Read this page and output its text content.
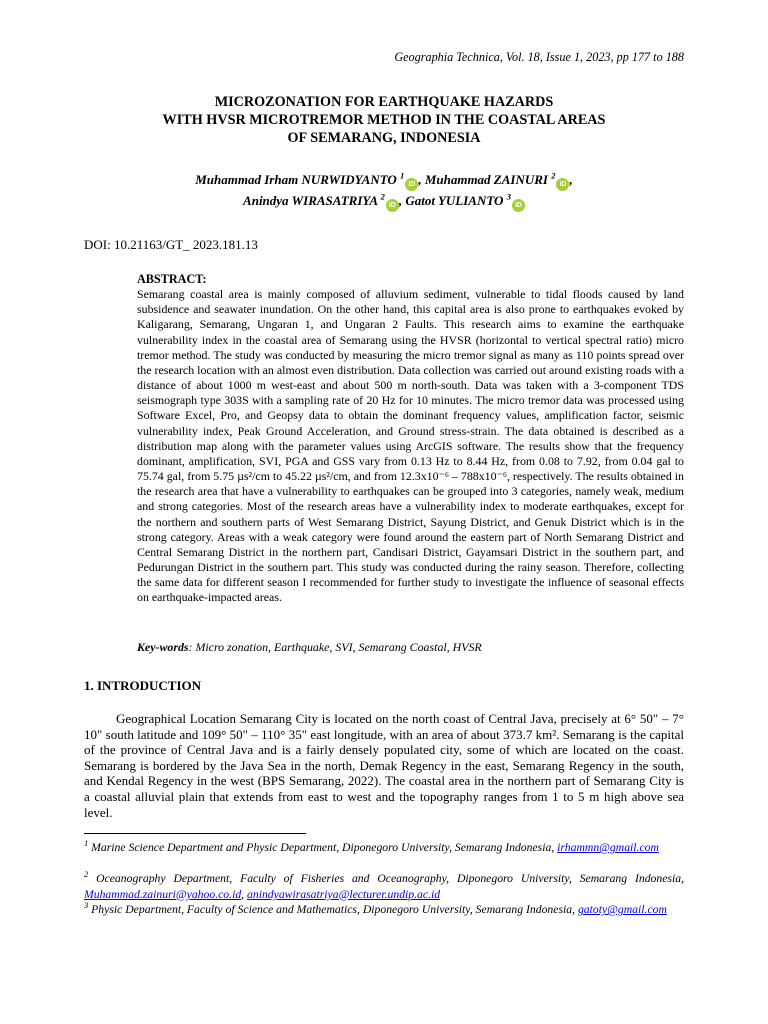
Geographia Technica, Vol. 18, Issue 1, 2023, pp 177 to 188
MICROZONATION FOR EARTHQUAKE HAZARDS
WITH HVSR MICROTREMOR METHOD IN THE COASTAL AREAS
OF SEMARANG, INDONESIA
Muhammad Irham NURWIDYANTO $^1$iD , Muhammad ZAINURI $^2$iD ,
Anindya WIRASATRIYA $^2$iD , Gatot YULIANTO $^3$iD
DOI: 10.21163/GT_ 2023.181.13
ABSTRACT:
Semarang coastal area is mainly composed of alluvium sediment, vulnerable to tidal floods caused by land subsidence and seawater inundation. On the other hand, this capital area is also prone to earthquakes evoked by Kaligarang, Semarang, Ungaran 1, and Ungaran 2 Faults. This research aims to examine the earthquake vulnerability index in the coastal area of Semarang using the HVSR (horizontal to vertical spectral ratio) micro tremor method. The study was conducted by measuring the micro tremor signal as many as 110 points spread over the research location with an almost even distribution. Data collection was carried out around existing roads with a distance of about 1000 m west-east and about 500 m north-south. Data was taken with a 3-component TDS seismograph type 303S with a sampling rate of 20 Hz for 10 minutes. The micro tremor data was processed using Software Excel, Pro, and Geopsy data to obtain the dominant frequency values, amplification factor, seismic vulnerability index, Peak Ground Acceleration, and Ground stress-strain. The data obtained is described as a distribution map along with the parameter values using ArcGIS software. The results show that the frequency dominant, amplification, SVI, PGA and GSS vary from 0.13 Hz to 8.44 Hz, from 0.08 to 7.92, from 0.04 gal to 75.74 gal, from 5.75 µs²/cm to 45.22 µs²/cm, and from 12.3x10⁻⁶ – 788x10⁻⁶, respectively. The results obtained in the research area that have a vulnerability to earthquakes can be grouped into 3 categories, namely weak, medium and strong categories. Most of the research areas have a vulnerability index to moderate earthquakes, except for the northern and southern parts of West Semarang District, Sayung District, and Genuk District which is in the strong category. Areas with a weak category were found around the eastern part of North Semarang District and Central Semarang District in the northern part, Candisari District, Gayamsari District in the southern part, and Pedurungan District in the southern part. This study was conducted during the rainy season. Therefore, collecting the same data for different season I recommended for further study to investigate the influence of seasonal effects on earthquake-impacted areas.
Key-words: Micro zonation, Earthquake, SVI, Semarang Coastal, HVSR
1. INTRODUCTION
Geographical Location Semarang City is located on the north coast of Central Java, precisely at 6° 50" – 7° 10" south latitude and 109° 50" – 110° 35" east longitude, with an area of about 373.7 km². Semarang is the capital of the province of Central Java and is a fairly densely populated city, some of which are located on the coast. Semarang is bordered by the Java Sea in the north, Demak Regency in the east, Semarang Regency in the south, and Kendal Regency in the west (BPS Semarang, 2022). The coastal area in the northern part of Semarang City is a coastal alluvial plain that extends from east to west and the topography ranges from 1 to 5 m high above sea level.
$^1$ Marine Science Department and Physic Department, Diponegoro University, Semarang Indonesia, irhammn@gmail.com
$^2$ Oceanography Department, Faculty of Fisheries and Oceanography, Diponegoro University, Semarang Indonesia, Muhammad.zainuri@yahoo.co.id, anindyawirasatriya@lecturer.undip.ac.id
$^3$ Physic Department, Faculty of Science and Mathematics, Diponegoro University, Semarang Indonesia, gatoty@gmail.com
